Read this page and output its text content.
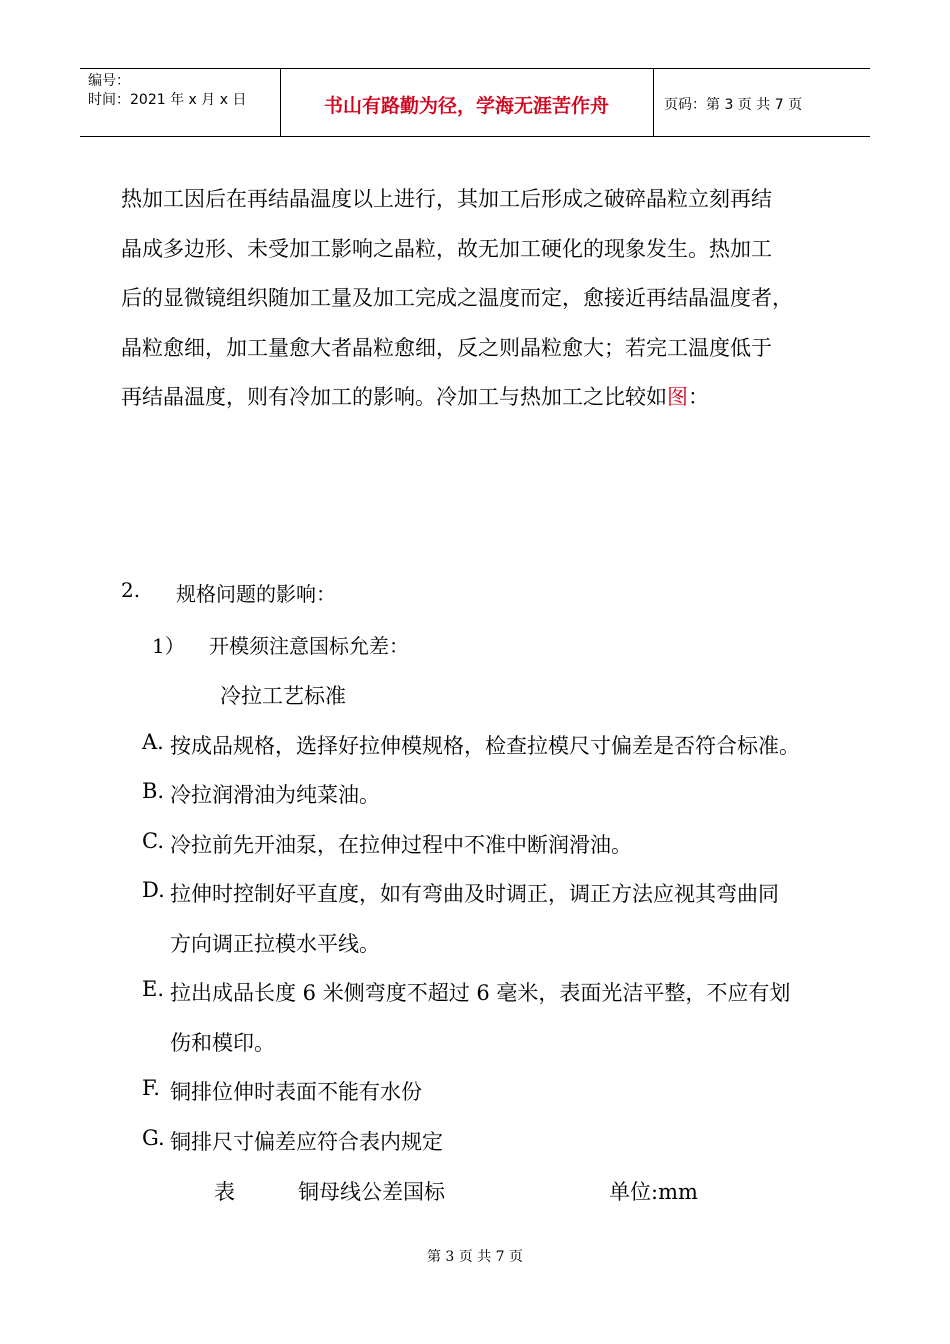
编号：
时间：2021 年 x 月 x 日	书山有路勤为径，学海无涯苦作舟	页码：第 3 页 共 7 页
热加工因后在再结晶温度以上进行，其加工后形成之破碎晶粒立刻再结
晶成多边形、未受加工影响之晶粒，故无加工硬化的现象发生。热加工
后的显微镜组织随加工量及加工完成之温度而定，愈接近再结晶温度者，
晶粒愈细，加工量愈大者晶粒愈细，反之则晶粒愈大；若完工温度低于
再结晶温度，则有冷加工的影响。冷加工与热加工之比较如图：
2. 规格问题的影响：
1） 开模须注意国标允差：
冷拉工艺标准
A. 按成品规格，选择好拉伸模规格，检查拉模尺寸偏差是否符合标准。
B. 冷拉润滑油为纯菜油。
C. 冷拉前先开油泵，在拉伸过程中不准中断润滑油。
D. 拉伸时控制好平直度，如有弯曲及时调正，调正方法应视其弯曲同
方向调正拉模水平线。
E. 拉出成品长度 6 米侧弯度不超过 6 毫米，表面光洁平整，不应有划
伤和模印。
F. 铜排位伸时表面不能有水份
G. 铜排尺寸偏差应符合表内规定
表	铜母线公差国标	单位:mm
第 3 页 共 7 页
